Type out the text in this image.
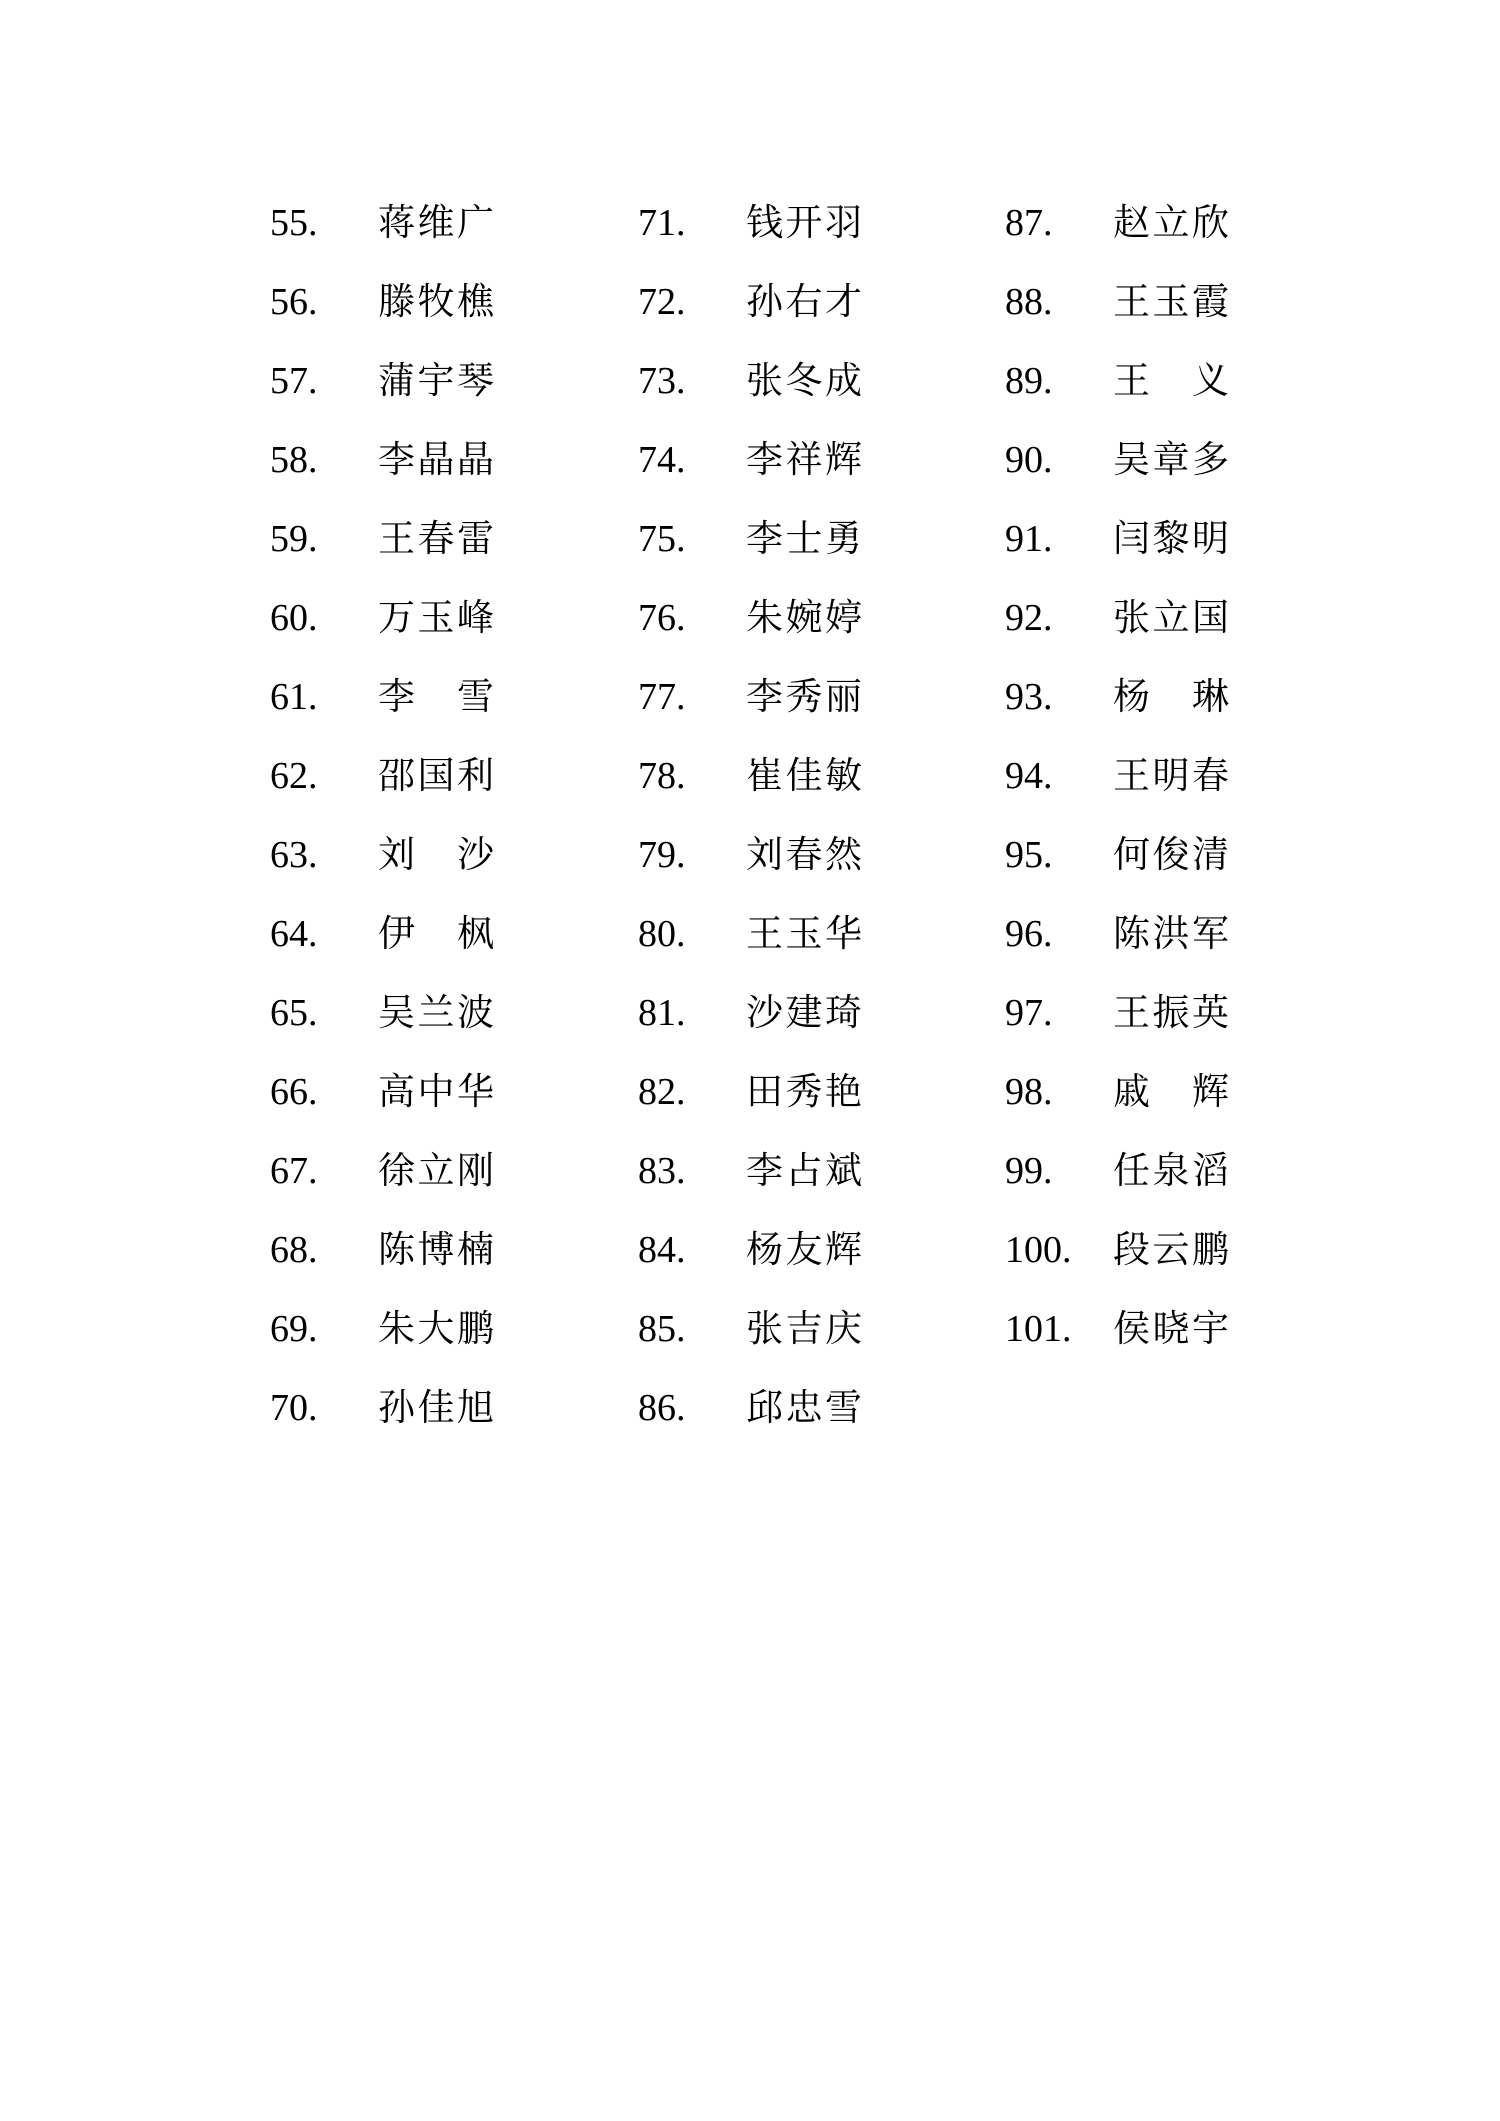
55. 蒋维广
56. 滕牧樵
57. 蒲宇琴
58. 李晶晶
59. 王春雷
60. 万玉峰
61. 李　雪
62. 邵国利
63. 刘　沙
64. 伊　枫
65. 吴兰波
66. 高中华
67. 徐立刚
68. 陈博楠
69. 朱大鹏
70. 孙佳旭
71. 钱开羽
72. 孙右才
73. 张冬成
74. 李祥辉
75. 李士勇
76. 朱婉婷
77. 李秀丽
78. 崔佳敏
79. 刘春然
80. 王玉华
81. 沙建琦
82. 田秀艳
83. 李占斌
84. 杨友辉
85. 张吉庆
86. 邱忠雪
87. 赵立欣
88. 王玉霞
89. 王　义
90. 吴章多
91. 闫黎明
92. 张立国
93. 杨　琳
94. 王明春
95. 何俊清
96. 陈洪军
97. 王振英
98. 戚　辉
99. 任泉滔
100. 段云鹏
101. 侯晓宇
